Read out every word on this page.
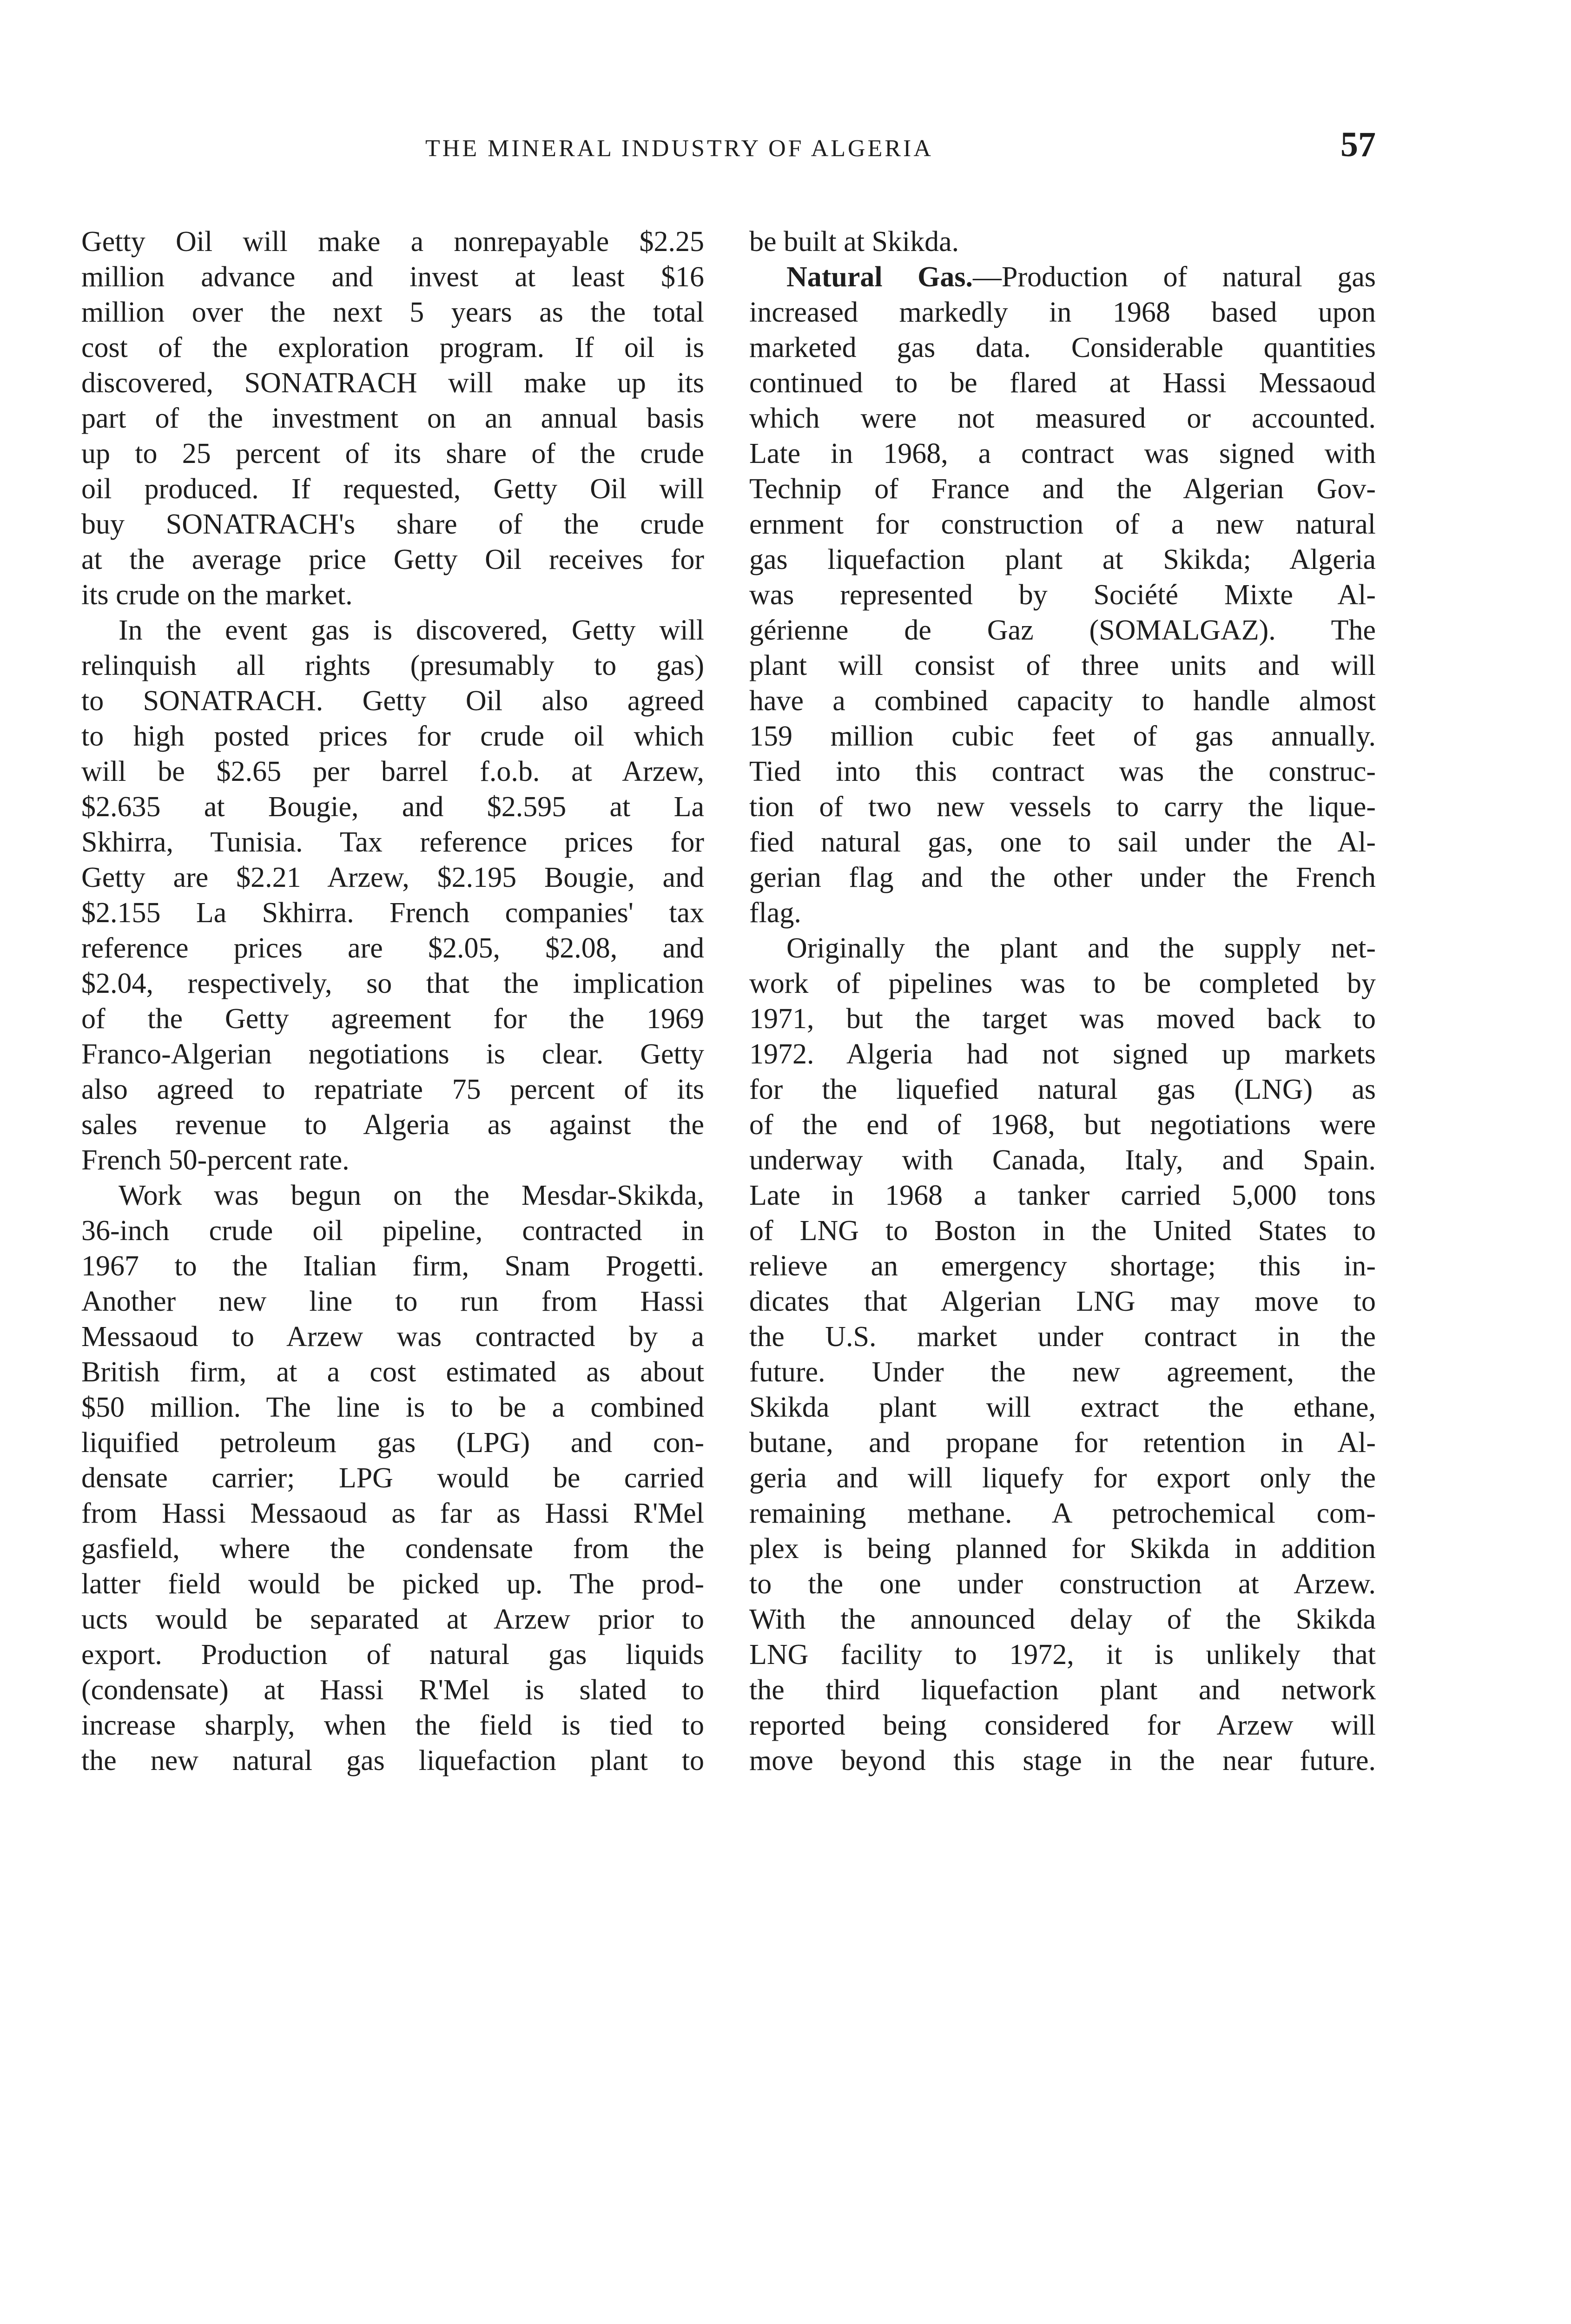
THE MINERAL INDUSTRY OF ALGERIA	57
Getty Oil will make a nonrepayable $2.25
million advance and invest at least $16
million over the next 5 years as the total
cost of the exploration program. If oil is
discovered, SONATRACH will make up its
part of the investment on an annual basis
up to 25 percent of its share of the crude
oil produced. If requested, Getty Oil will
buy SONATRACH's share of the crude
at the average price Getty Oil receives for
its crude on the market.
In the event gas is discovered, Getty will
relinquish all rights (presumably to gas)
to SONATRACH. Getty Oil also agreed
to high posted prices for crude oil which
will be $2.65 per barrel f.o.b. at Arzew,
$2.635 at Bougie, and $2.595 at La
Skhirra, Tunisia. Tax reference prices for
Getty are $2.21 Arzew, $2.195 Bougie, and
$2.155 La Skhirra. French companies' tax
reference prices are $2.05, $2.08, and
$2.04, respectively, so that the implication
of the Getty agreement for the 1969
Franco-Algerian negotiations is clear. Getty
also agreed to repatriate 75 percent of its
sales revenue to Algeria as against the
French 50-percent rate.
Work was begun on the Mesdar-Skikda,
36-inch crude oil pipeline, contracted in
1967 to the Italian firm, Snam Progetti.
Another new line to run from Hassi
Messaoud to Arzew was contracted by a
British firm, at a cost estimated as about
$50 million. The line is to be a combined
liquified petroleum gas (LPG) and con-
densate carrier; LPG would be carried
from Hassi Messaoud as far as Hassi R'Mel
gasfield, where the condensate from the
latter field would be picked up. The prod-
ucts would be separated at Arzew prior to
export. Production of natural gas liquids
(condensate) at Hassi R'Mel is slated to
increase sharply, when the field is tied to
the new natural gas liquefaction plant to
be built at Skikda.
Natural Gas.—Production of natural gas
increased markedly in 1968 based upon
marketed gas data. Considerable quantities
continued to be flared at Hassi Messaoud
which were not measured or accounted.
Late in 1968, a contract was signed with
Technip of France and the Algerian Gov-
ernment for construction of a new natural
gas liquefaction plant at Skikda; Algeria
was represented by Société Mixte Al-
gérienne de Gaz (SOMALGAZ). The
plant will consist of three units and will
have a combined capacity to handle almost
159 million cubic feet of gas annually.
Tied into this contract was the construc-
tion of two new vessels to carry the lique-
fied natural gas, one to sail under the Al-
gerian flag and the other under the French
flag.
Originally the plant and the supply net-
work of pipelines was to be completed by
1971, but the target was moved back to
1972. Algeria had not signed up markets
for the liquefied natural gas (LNG) as
of the end of 1968, but negotiations were
underway with Canada, Italy, and Spain.
Late in 1968 a tanker carried 5,000 tons
of LNG to Boston in the United States to
relieve an emergency shortage; this in-
dicates that Algerian LNG may move to
the U.S. market under contract in the
future. Under the new agreement, the
Skikda plant will extract the ethane,
butane, and propane for retention in Al-
geria and will liquefy for export only the
remaining methane. A petrochemical com-
plex is being planned for Skikda in addition
to the one under construction at Arzew.
With the announced delay of the Skikda
LNG facility to 1972, it is unlikely that
the third liquefaction plant and network
reported being considered for Arzew will
move beyond this stage in the near future.
